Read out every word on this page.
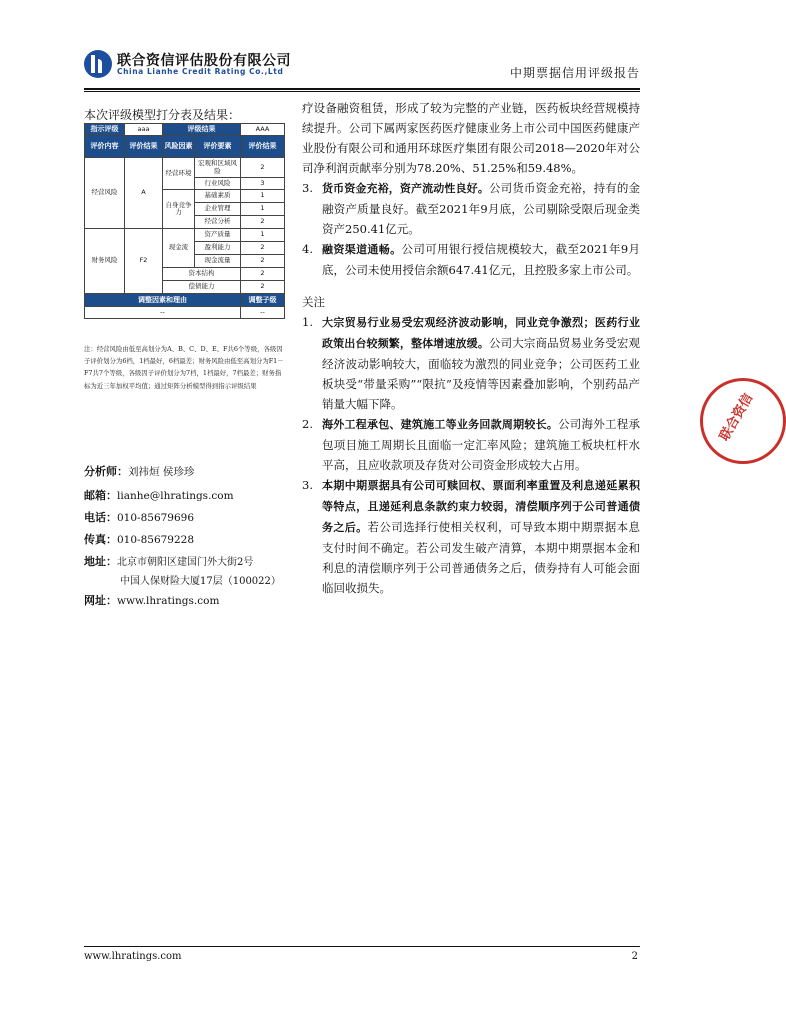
联合资信评估股份有限公司
China Lianhe Credit Rating Co.,Ltd	中期票据信用评级报告
本次评级模型打分表及结果：
指示评级	aaa	评级结果		AAA
评价内容	评价结果	风险因素	评价要素	评价结果
经营风险	A	经营环境	宏观和区域风险	2
			行业风险	3
		自身竞争力	基础素质	1
			企业管理	1
			经营分析	2
财务风险	F2	现金流	资产质量	1
			盈利能力	2
			现金流量	2
		资本结构		2
		偿债能力		2
调整因素和理由				调整子级
--				--
注：经营风险由低至高划分为A、B、C、D、E、F共6个等级，各级因子评价划分为6档，1档最好，6档最差；财务风险由低至高划分为F1－F7共7个等级，各级因子评价划分为7档，1档最好，7档最差；财务指标为近三年加权平均值；通过矩阵分析模型得到指示评级结果
分析师：刘祎烜 侯珍珍
邮箱：lianhe@lhratings.com
电话：010-85679696
传真：010-85679228
地址：北京市朝阳区建国门外大街2号
中国人保财险大厦17层（100022）
网址：www.lhratings.com

疗设备融资租赁，形成了较为完整的产业链，医药板块经营规模持续提升。公司下属两家医药医疗健康业务上市公司中国医药健康产业股份有限公司和通用环球医疗集团有限公司2018—2020年对公司净利润贡献率分别为78.20%、51.25%和59.48%。

3. 货币资金充裕，资产流动性良好。公司货币资金充裕，持有的金融资产质量良好。截至2021年9月底，公司剔除受限后现金类资产250.41亿元。
4. 融资渠道通畅。公司可用银行授信规模较大，截至2021年9月底，公司未使用授信余额647.41亿元，且控股多家上市公司。

关注

1. 大宗贸易行业易受宏观经济波动影响，同业竞争激烈；医药行业政策出台较频繁，整体增速放缓。公司大宗商品贸易业务受宏观经济波动影响较大，面临较为激烈的同业竞争；公司医药工业板块受“带量采购”“限抗”及疫情等因素叠加影响，个别药品产销量大幅下降。
2. 海外工程承包、建筑施工等业务回款周期较长。公司海外工程承包项目施工周期长且面临一定汇率风险；建筑施工板块杠杆水平高，且应收款项及存货对公司资金形成较大占用。
3. 本期中期票据具有公司可赎回权、票面利率重置及利息递延累积等特点，且递延利息条款约束力较弱，清偿顺序列于公司普通债务之后。若公司选择行使相关权利，可导致本期中期票据本息支付时间不确定。若公司发生破产清算，本期中期票据本金和利息的清偿顺序列于公司普通债务之后，债券持有人可能会面临回收损失。
联合资信
www.lhratings.com	2
